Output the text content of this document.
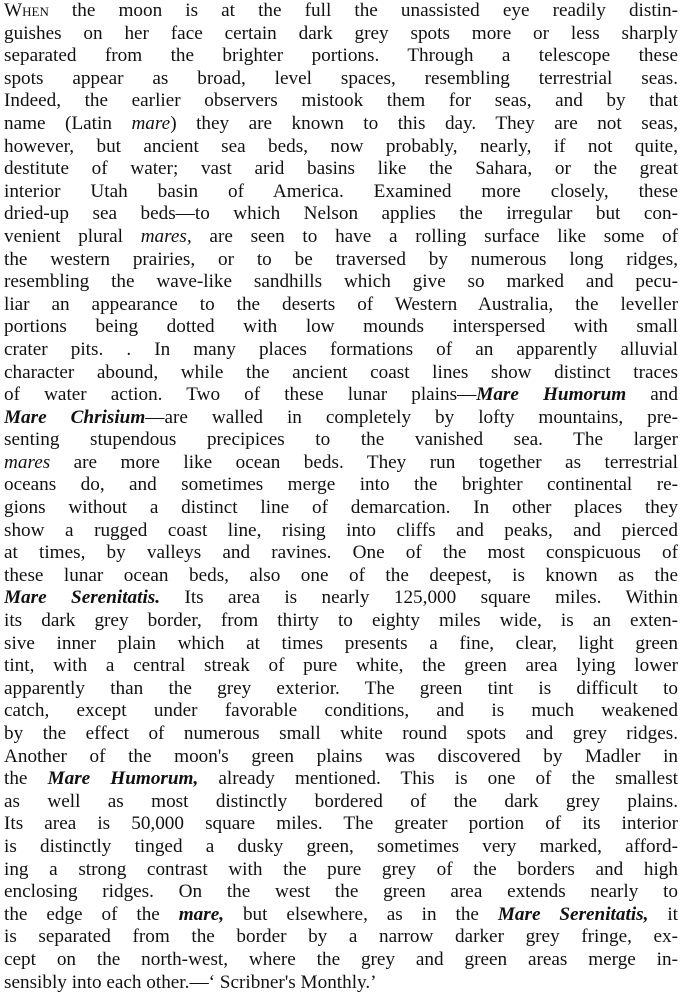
When the moon is at the full the unassisted eye readily distin-
guishes on her face certain dark grey spots more or less sharply
separated from the brighter portions. Through a telescope these
spots appear as broad, level spaces, resembling terrestrial seas.
Indeed, the earlier observers mistook them for seas, and by that
name (Latin mare) they are known to this day. They are not seas,
however, but ancient sea beds, now probably, nearly, if not quite,
destitute of water; vast arid basins like the Sahara, or the great
interior Utah basin of America. Examined more closely, these
dried-up sea beds—to which Nelson applies the irregular but con-
venient plural mares, are seen to have a rolling surface like some of
the western prairies, or to be traversed by numerous long ridges,
resembling the wave-like sandhills which give so marked and pecu-
liar an appearance to the deserts of Western Australia, the leveller
portions being dotted with low mounds interspersed with small
crater pits. . In many places formations of an apparently alluvial
character abound, while the ancient coast lines show distinct traces
of water action. Two of these lunar plains—Mare Humorum and
Mare Chrisium—are walled in completely by lofty mountains, pre-
senting stupendous precipices to the vanished sea. The larger
mares are more like ocean beds. They run together as terrestrial
oceans do, and sometimes merge into the brighter continental re-
gions without a distinct line of demarcation. In other places they
show a rugged coast line, rising into cliffs and peaks, and pierced
at times, by valleys and ravines. One of the most conspicuous of
these lunar ocean beds, also one of the deepest, is known as the
Mare Serenitatis. Its area is nearly 125,000 square miles. Within
its dark grey border, from thirty to eighty miles wide, is an exten-
sive inner plain which at times presents a fine, clear, light green
tint, with a central streak of pure white, the green area lying lower
apparently than the grey exterior. The green tint is difficult to
catch, except under favorable conditions, and is much weakened
by the effect of numerous small white round spots and grey ridges.
Another of the moon's green plains was discovered by Madler in
the Mare Humorum, already mentioned. This is one of the smallest
as well as most distinctly bordered of the dark grey plains.
Its area is 50,000 square miles. The greater portion of its interior
is distinctly tinged a dusky green, sometimes very marked, afford-
ing a strong contrast with the pure grey of the borders and high
enclosing ridges. On the west the green area extends nearly to
the edge of the mare, but elsewhere, as in the Mare Serenitatis, it
is separated from the border by a narrow darker grey fringe, ex-
cept on the north-west, where the grey and green areas merge in-
sensibly into each other.—‘ Scribner's Monthly.’
